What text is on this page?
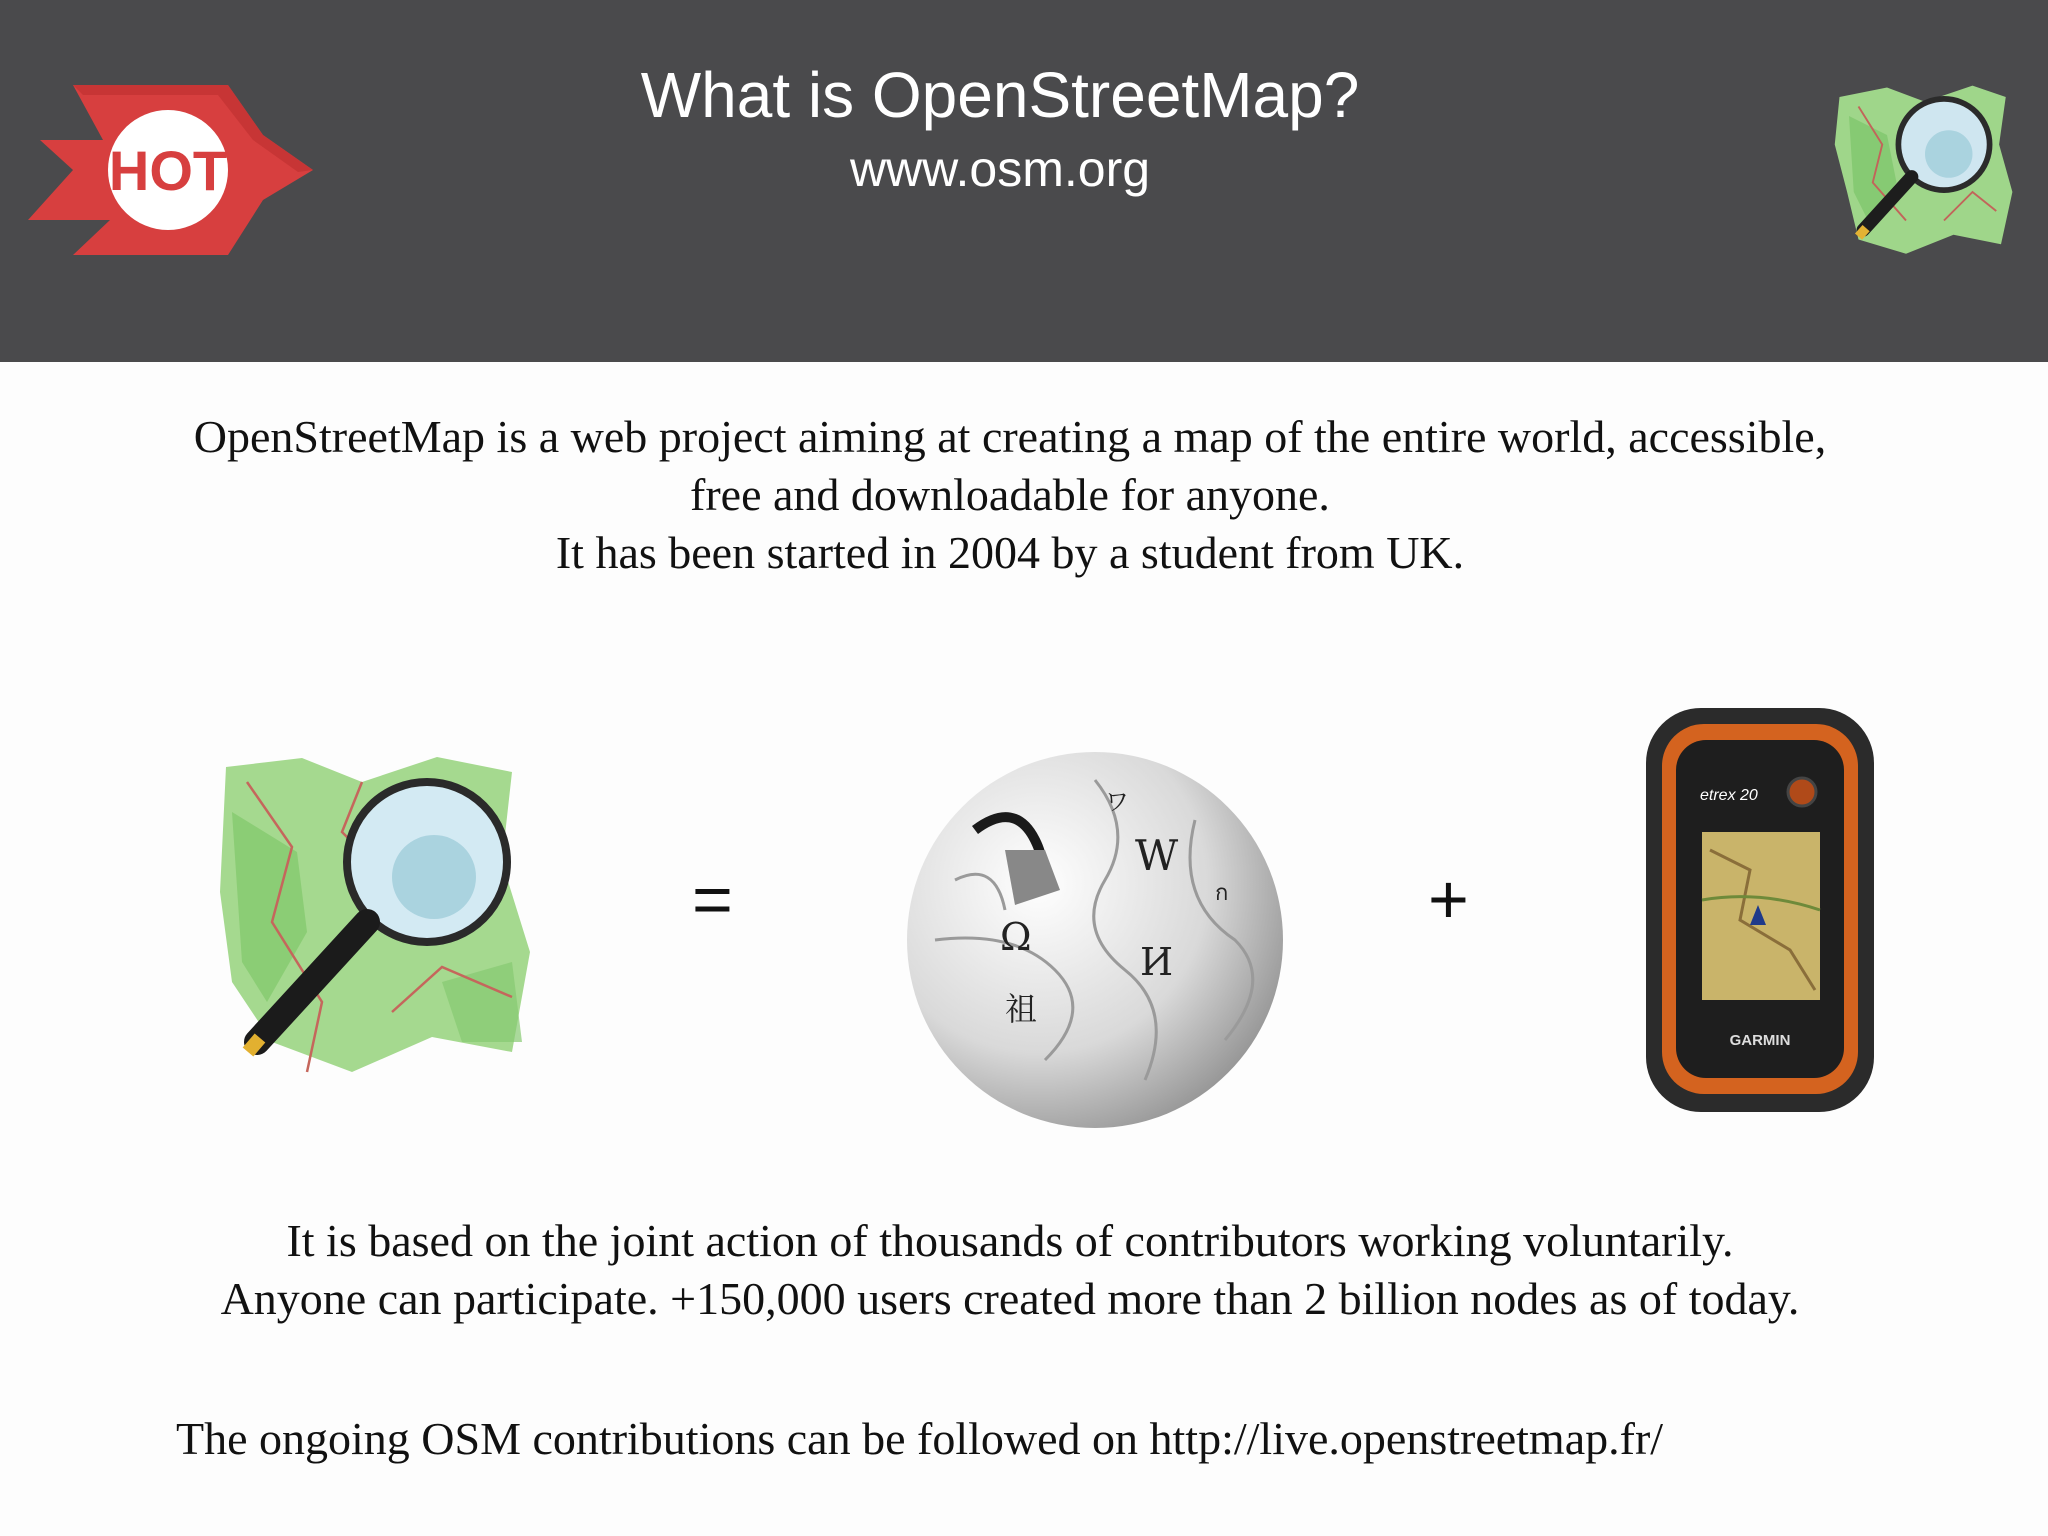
HOT
What is OpenStreetMap?
www.osm.org
OpenStreetMap is a web project aiming at creating a map of the entire world, accessible,
free and downloadable for anyone.
It has been started in 2004 by a student from UK.
=
W
Ω
И
祖
ワ
ก	+
etrex 20
GARMIN
It is based on the joint action of thousands of contributors working voluntarily.
Anyone can participate. +150,000 users created more than 2 billion nodes as of today.
The ongoing OSM contributions can be followed on http://live.openstreetmap.fr/
